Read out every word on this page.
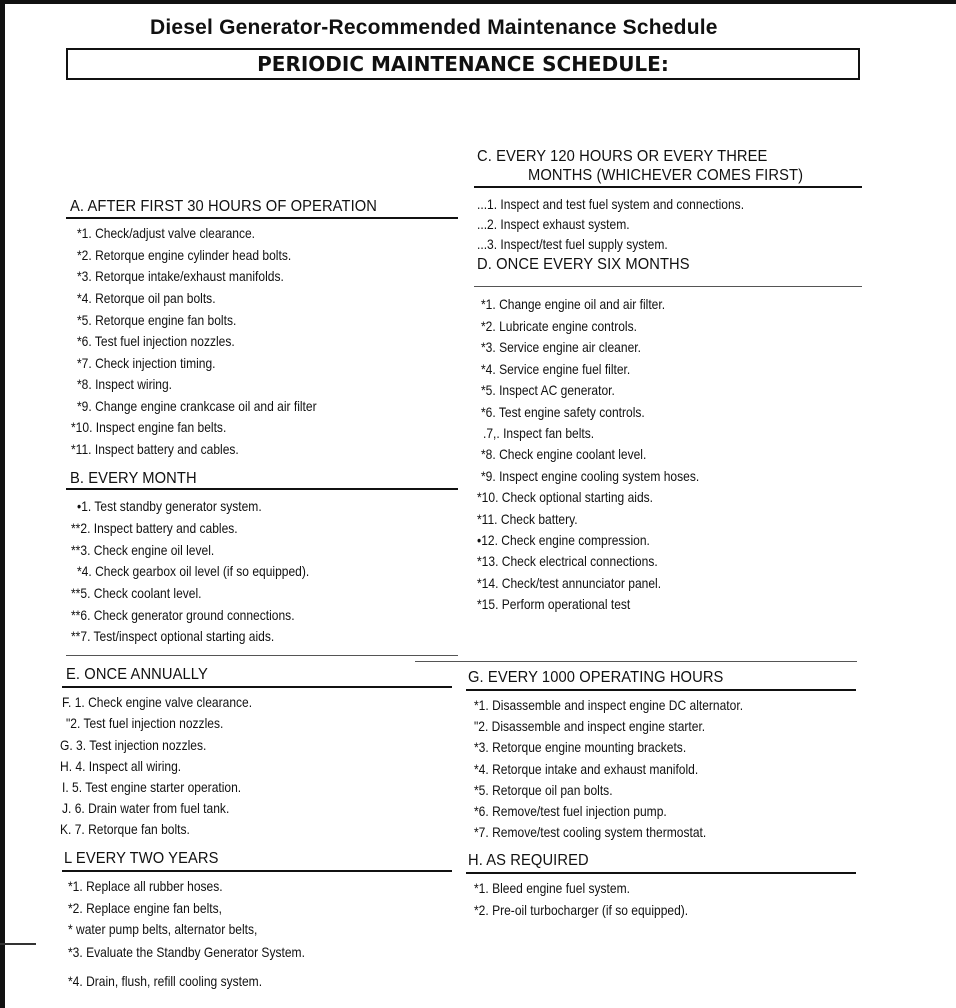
Diesel Generator-Recommended Maintenance Schedule
PERIODIC MAINTENANCE SCHEDULE:
A. AFTER FIRST 30 HOURS OF OPERATION
*1. Check/adjust valve clearance.
*2. Retorque engine cylinder head bolts.
*3. Retorque intake/exhaust manifolds.
*4. Retorque oil pan bolts.
*5. Retorque engine fan bolts.
*6. Test fuel injection nozzles.
*7. Check injection timing.
*8. Inspect wiring.
*9. Change engine crankcase oil and air filter
*10. Inspect engine fan belts.
*11. Inspect battery and cables.
B. EVERY MONTH
•1. Test standby generator system.
**2. Inspect battery and cables.
**3. Check engine oil level.
*4. Check gearbox oil level (if so equipped).
**5. Check coolant level.
**6. Check generator ground connections.
**7. Test/inspect optional starting aids.
C. EVERY 120 HOURS OR EVERY THREE
MONTHS (WHICHEVER COMES FIRST)
...1. Inspect and test fuel system and connections.
...2. Inspect exhaust system.
...3. Inspect/test fuel supply system.
D. ONCE EVERY SIX MONTHS
*1. Change engine oil and air filter.
*2. Lubricate engine controls.
*3. Service engine air cleaner.
*4. Service engine fuel filter.
*5. Inspect AC generator.
*6. Test engine safety controls.
.7,. Inspect fan belts.
*8. Check engine coolant level.
*9. Inspect engine cooling system hoses.
*10. Check optional starting aids.
*11. Check battery.
•12. Check engine compression.
*13. Check electrical connections.
*14. Check/test annunciator panel.
*15. Perform operational test
E. ONCE ANNUALLY
F. 1. Check engine valve clearance.
"2. Test fuel injection nozzles.
G. 3. Test injection nozzles.
H. 4. Inspect all wiring.
I. 5. Test engine starter operation.
J. 6. Drain water from fuel tank.
K. 7. Retorque fan bolts.
G. EVERY 1000 OPERATING HOURS
*1. Disassemble and inspect engine DC alternator.
"2. Disassemble and inspect engine starter.
*3. Retorque engine mounting brackets.
*4. Retorque intake and exhaust manifold.
*5. Retorque oil pan bolts.
*6. Remove/test fuel injection pump.
*7. Remove/test cooling system thermostat.
L EVERY TWO YEARS
*1. Replace all rubber hoses.
*2. Replace engine fan belts,
* water pump belts, alternator belts,
*3. Evaluate the Standby Generator System.
*4. Drain, flush, refill cooling system.
H. AS REQUIRED
*1. Bleed engine fuel system.
*2. Pre-oil turbocharger (if so equipped).
